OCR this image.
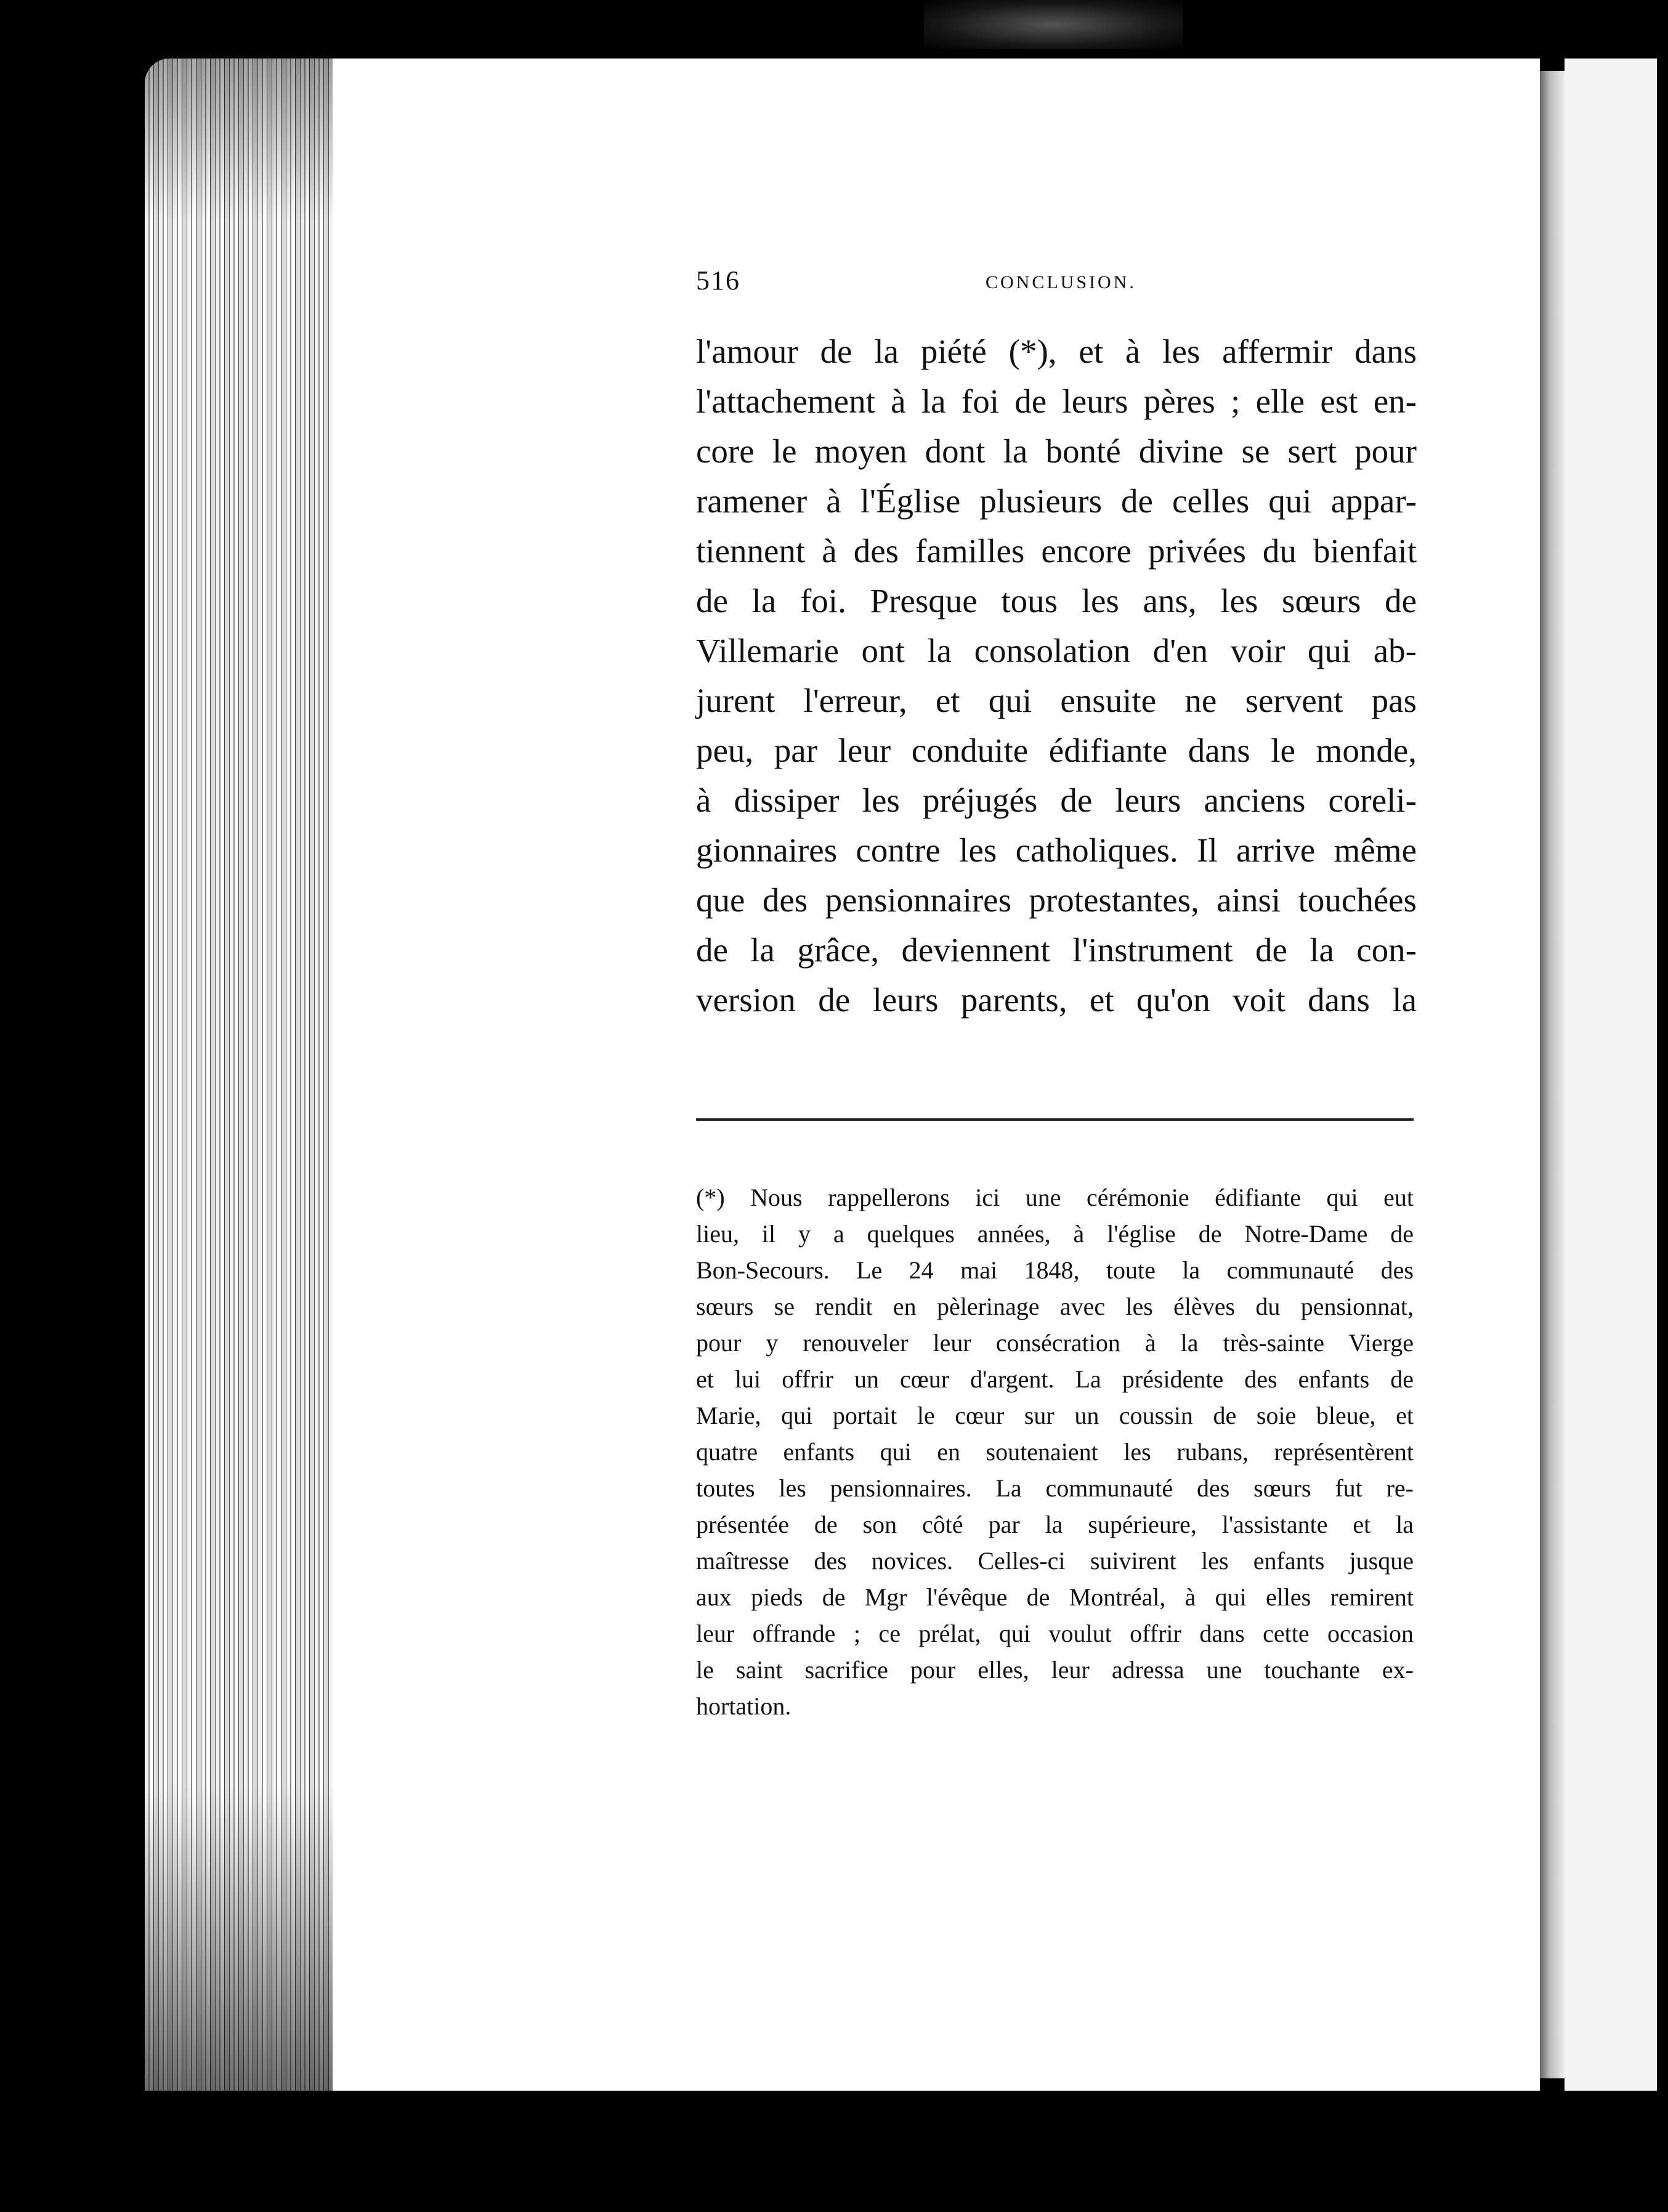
516	CONCLUSION.
l'amour de la piété (*), et à les affermir dans
l'attachement à la foi de leurs pères ; elle est en-
core le moyen dont la bonté divine se sert pour
ramener à l'Église plusieurs de celles qui appar-
tiennent à des familles encore privées du bienfait
de la foi. Presque tous les ans, les sœurs de
Villemarie ont la consolation d'en voir qui ab-
jurent l'erreur, et qui ensuite ne servent pas
peu, par leur conduite édifiante dans le monde,
à dissiper les préjugés de leurs anciens coreli-
gionnaires contre les catholiques. Il arrive même
que des pensionnaires protestantes, ainsi touchées
de la grâce, deviennent l'instrument de la con-
version de leurs parents, et qu'on voit dans la
(*) Nous rappellerons ici une cérémonie édifiante qui eut
lieu, il y a quelques années, à l'église de Notre-Dame de
Bon-Secours. Le 24 mai 1848, toute la communauté des
sœurs se rendit en pèlerinage avec les élèves du pensionnat,
pour y renouveler leur consécration à la très-sainte Vierge
et lui offrir un cœur d'argent. La présidente des enfants de
Marie, qui portait le cœur sur un coussin de soie bleue, et
quatre enfants qui en soutenaient les rubans, représentèrent
toutes les pensionnaires. La communauté des sœurs fut re-
présentée de son côté par la supérieure, l'assistante et la
maîtresse des novices. Celles-ci suivirent les enfants jusque
aux pieds de Mgr l'évêque de Montréal, à qui elles remirent
leur offrande ; ce prélat, qui voulut offrir dans cette occasion
le saint sacrifice pour elles, leur adressa une touchante ex-
hortation.
